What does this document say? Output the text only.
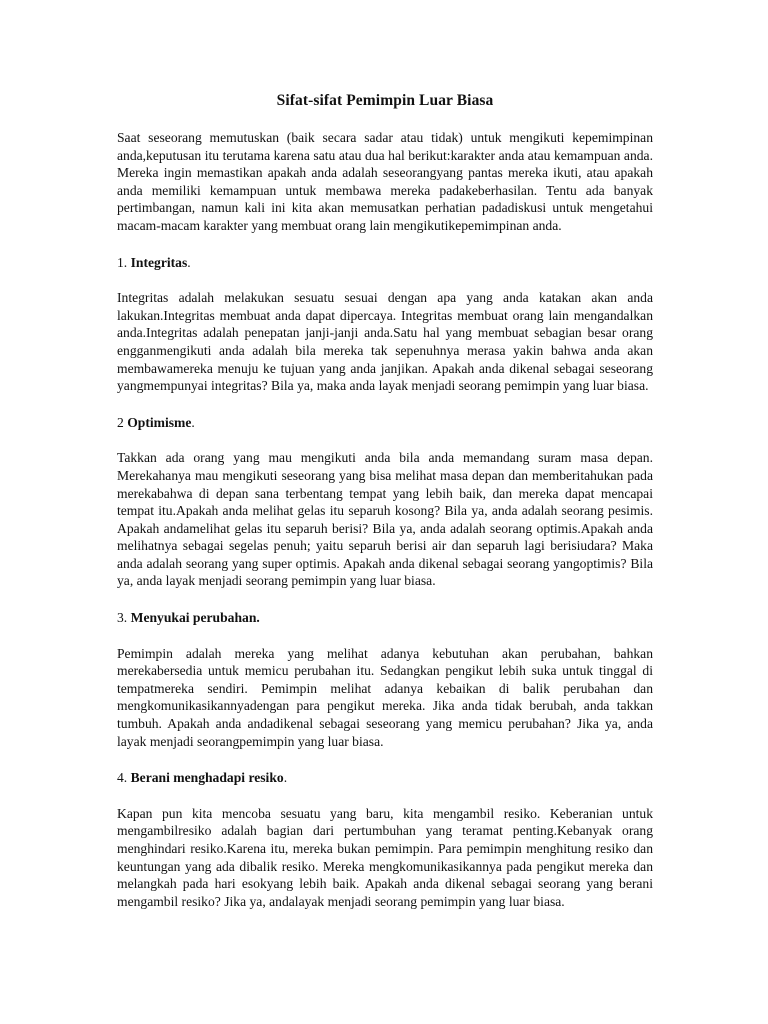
Sifat-sifat Pemimpin Luar Biasa

Saat seseorang memutuskan (baik secara sadar atau tidak) untuk mengikuti kepemimpinan anda,keputusan itu terutama karena satu atau dua hal berikut:karakter anda atau kemampuan anda. Mereka ingin memastikan apakah anda adalah seseorangyang pantas mereka ikuti, atau apakah anda memiliki kemampuan untuk membawa mereka padakeberhasilan. Tentu ada banyak pertimbangan, namun kali ini kita akan memusatkan perhatian padadiskusi untuk mengetahui macam-macam karakter yang membuat orang lain mengikutikepemimpinan anda.

1. Integritas.

Integritas adalah melakukan sesuatu sesuai dengan apa yang anda katakan akan anda lakukan.Integritas membuat anda dapat dipercaya. Integritas membuat orang lain mengandalkan anda.Integritas adalah penepatan janji-janji anda.Satu hal yang membuat sebagian besar orang engganmengikuti anda adalah bila mereka tak sepenuhnya merasa yakin bahwa anda akan membawamereka menuju ke tujuan yang anda janjikan. Apakah anda dikenal sebagai seseorang yangmempunyai integritas? Bila ya, maka anda layak menjadi seorang pemimpin yang luar biasa.

2 Optimisme.

Takkan ada orang yang mau mengikuti anda bila anda memandang suram masa depan. Merekahanya mau mengikuti seseorang yang bisa melihat masa depan dan memberitahukan pada merekabahwa di depan sana terbentang tempat yang lebih baik, dan mereka dapat mencapai tempat itu.Apakah anda melihat gelas itu separuh kosong? Bila ya, anda adalah seorang pesimis. Apakah andamelihat gelas itu separuh berisi? Bila ya, anda adalah seorang optimis.Apakah anda melihatnya sebagai segelas penuh; yaitu separuh berisi air dan separuh lagi berisiudara? Maka anda adalah seorang yang super optimis. Apakah anda dikenal sebagai seorang yangoptimis? Bila ya, anda layak menjadi seorang pemimpin yang luar biasa.

3. Menyukai perubahan.

Pemimpin adalah mereka yang melihat adanya kebutuhan akan perubahan, bahkan merekabersedia untuk memicu perubahan itu. Sedangkan pengikut lebih suka untuk tinggal di tempatmereka sendiri. Pemimpin melihat adanya kebaikan di balik perubahan dan mengkomunikasikannyadengan para pengikut mereka. Jika anda tidak berubah, anda takkan tumbuh. Apakah anda andadikenal sebagai seseorang yang memicu perubahan? Jika ya, anda layak menjadi seorangpemimpin yang luar biasa.

4. Berani menghadapi resiko.

Kapan pun kita mencoba sesuatu yang baru, kita mengambil resiko. Keberanian untuk mengambilresiko adalah bagian dari pertumbuhan yang teramat penting.Kebanyak orang menghindari resiko.Karena itu, mereka bukan pemimpin. Para pemimpin menghitung resiko dan keuntungan yang ada dibalik resiko. Mereka mengkomunikasikannya pada pengikut mereka dan melangkah pada hari esokyang lebih baik. Apakah anda dikenal sebagai seorang yang berani mengambil resiko? Jika ya, andalayak menjadi seorang pemimpin yang luar biasa.
